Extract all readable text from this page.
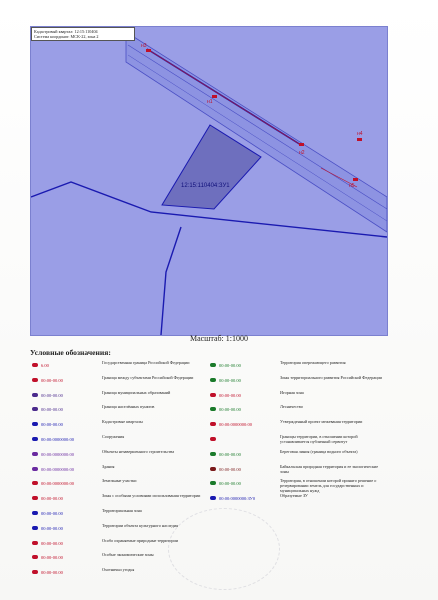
н3
н1
н2
н4
н5
12:15:110404:ЗУ1
Кадастровый квартал: 12:15:110404
Система координат: МСК-22, зона 2
Масштаб: 1:1000
Условные обозначения:
6.00
Государственная граница Российской Федерации
00:00-00.00
Граница между субъектами Российской Федерации
00:00-00.00
Граница муниципальных образований
00:00-00.00
Граница населённых пунктов
00:00-00.00
Кадастровые кварталы
00:00:0000000:00
Сооружения
00:00:0000000:00
Объекты незавершенного строительства
00:00:0000000:00
Здания
00:00:0000000:00
Земельные участки
00:00-00.00
Зоны с особыми условиями использования территории
00:00-00.00
Территориальная зона
00:00-00.00
Территории объекта культурного наследия
00:00-00.00
Особо охраняемые природные территории
00:00-00.00
Особые экономические зоны
00:00-00.00
Охотничьи угодья
00:00-00.00
Территория опережающего развития
00:00-00.00
Зоны территориального развития Российской Федерации
00:00-00.00
Игорная зона
00:00-00.00
Лесничество
00:00:0000000:00
Утвержденный проект межевания территории
Границы территории, в отношении которой устанавливается публичный сервитут
00:00-00.00
Береговая линия (граница водного объекта)
00:00-00.00
Байкальская природная территория и ее экологические зоны
00:00-00.00
Территория, в отношении которой принято решение о резервировании земель для государственных и муниципальных нужд
00:00:0000000:ЗУ0
Образуемые ЗУ
